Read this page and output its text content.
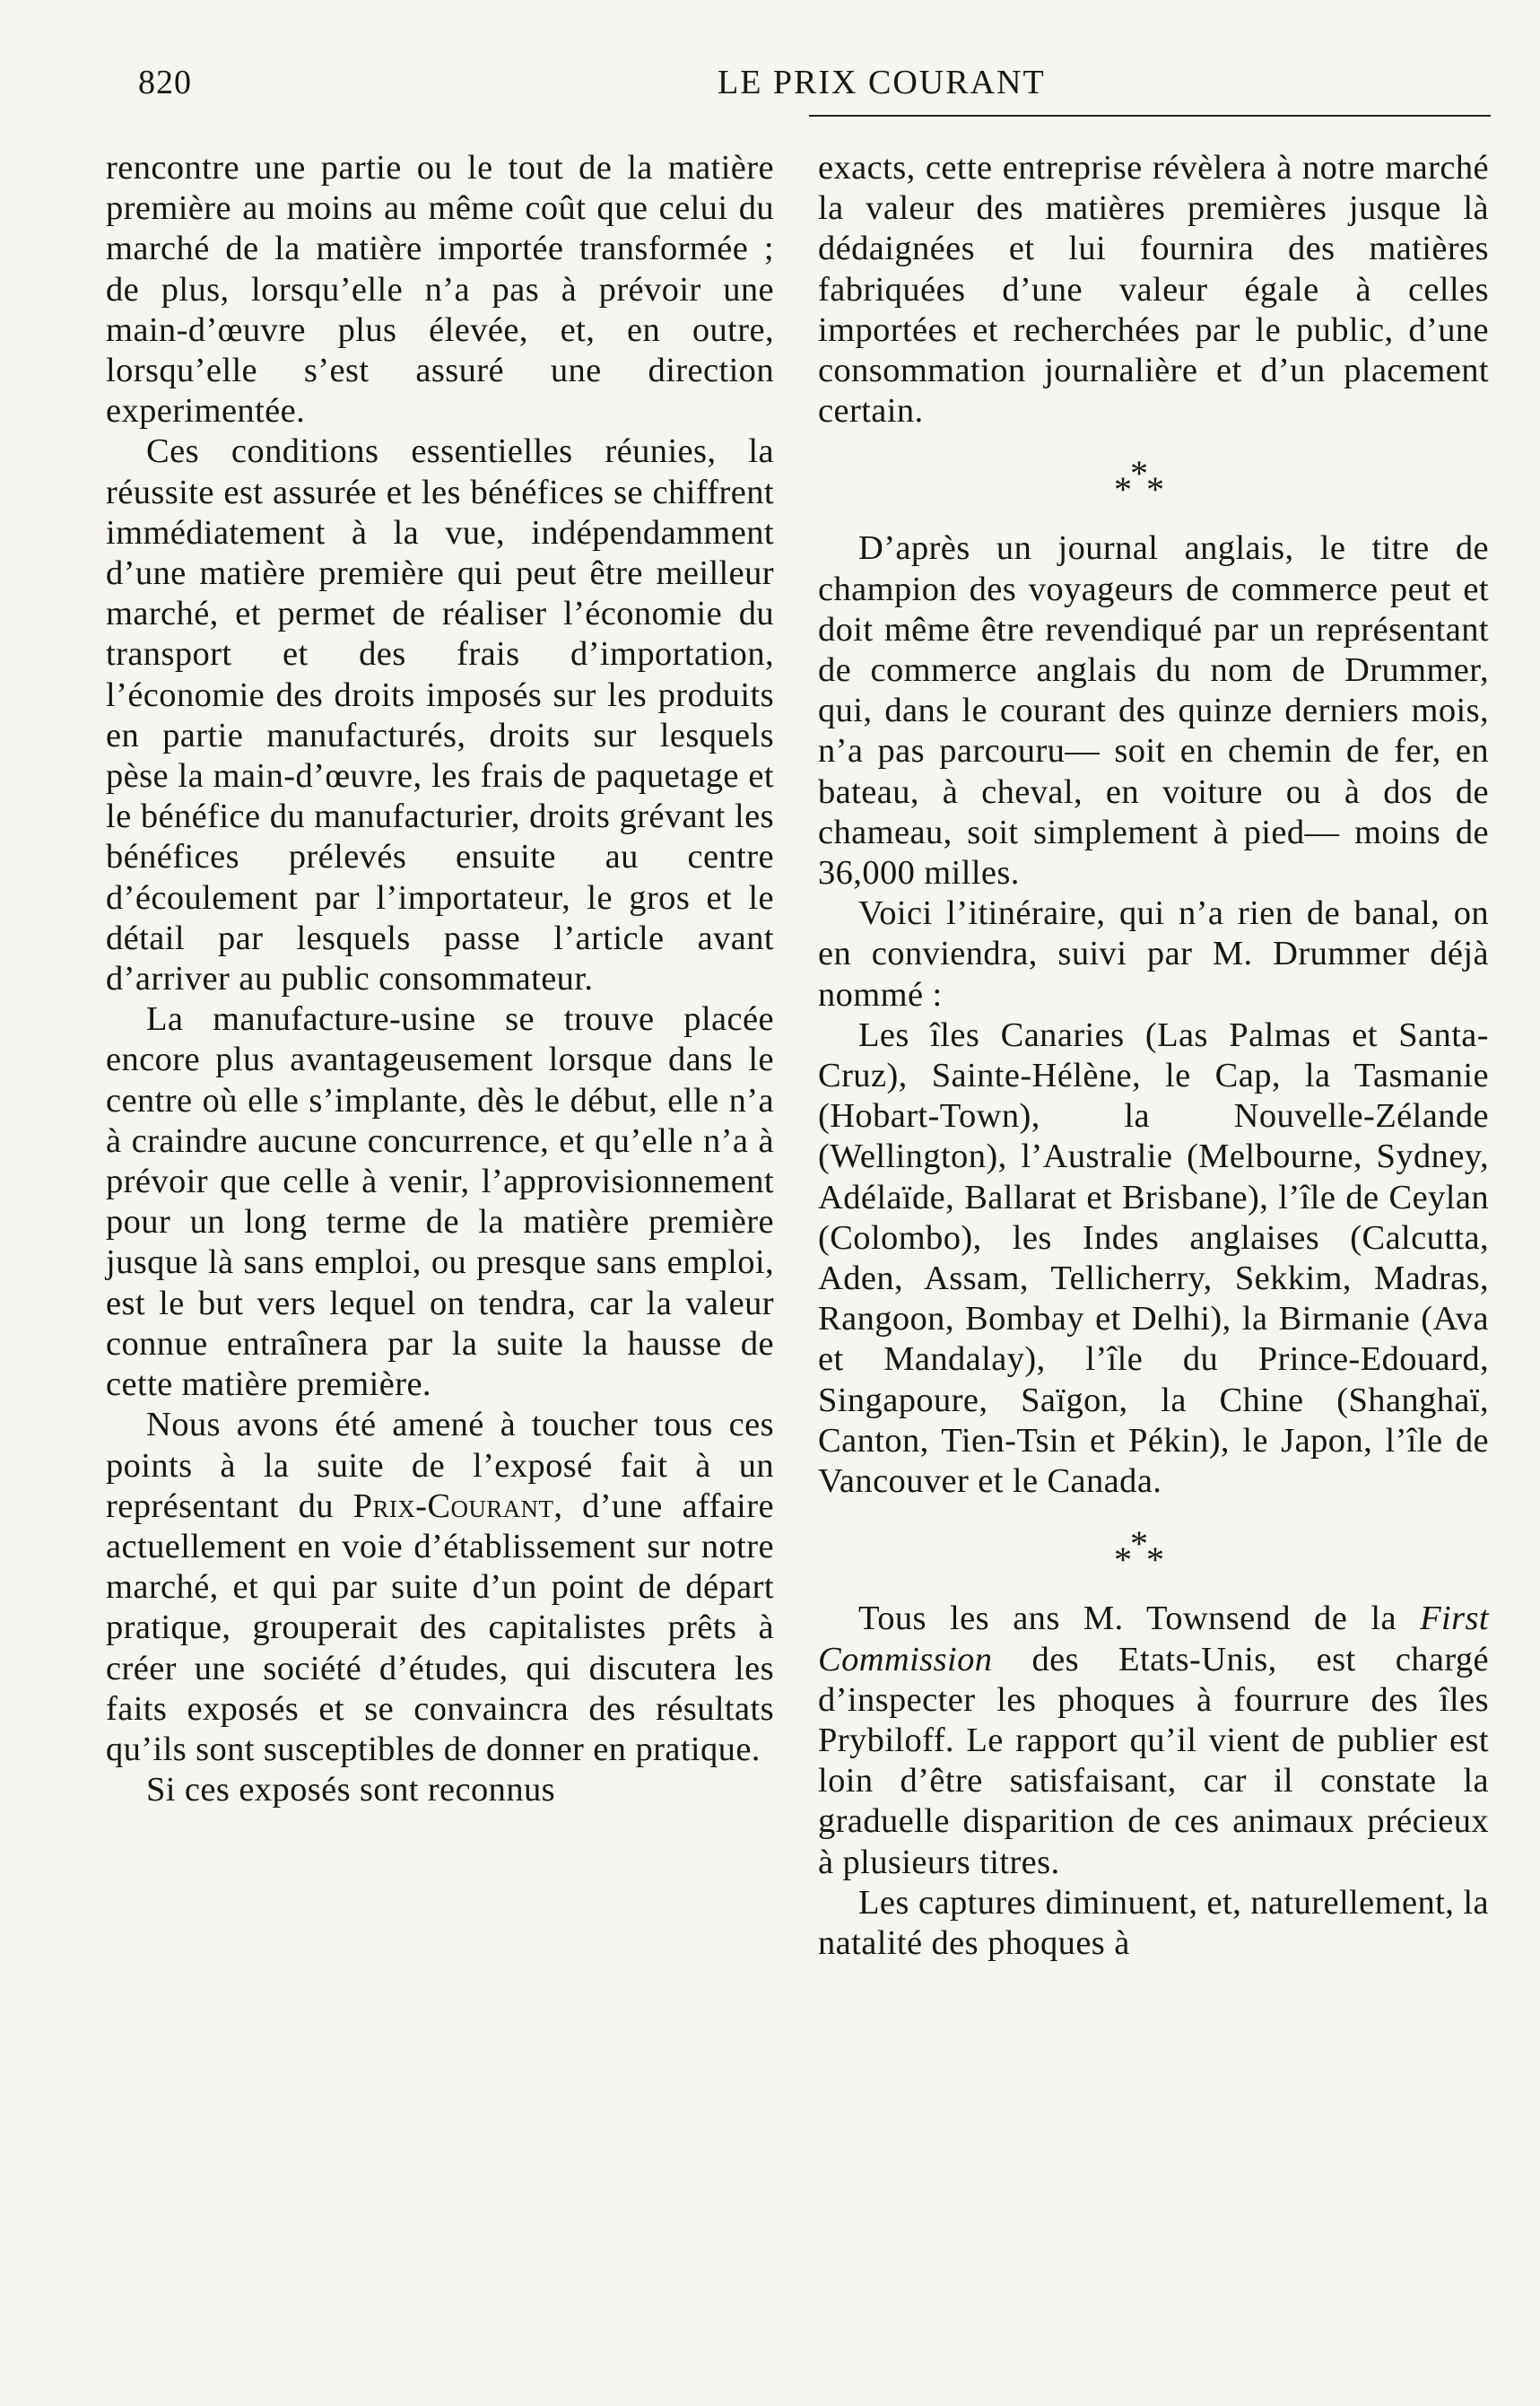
820	LE PRIX COURANT

rencontre une partie ou le tout de la matière première au moins au même coût que celui du marché de la matière importée transformée ; de plus, lorsqu’elle n’a pas à prévoir une main-d’œuvre plus élevée, et, en outre, lorsqu’elle s’est assuré une direction experimentée.

Ces conditions essentielles réunies, la réussite est assurée et les bénéfices se chiffrent immédiatement à la vue, indépendamment d’une matière première qui peut être meilleur marché, et permet de réaliser l’économie du transport et des frais d’importation, l’économie des droits imposés sur les produits en partie manufacturés, droits sur lesquels pèse la main-d’œuvre, les frais de paquetage et le bénéfice du manufacturier, droits grévant les bénéfices prélevés ensuite au centre d’écoulement par l’importateur, le gros et le détail par lesquels passe l’article avant d’arriver au public consommateur.

La manufacture-usine se trouve placée encore plus avantageusement lorsque dans le centre où elle s’implante, dès le début, elle n’a à craindre aucune concurrence, et qu’elle n’a à prévoir que celle à venir, l’approvisionnement pour un long terme de la matière première jusque là sans emploi, ou presque sans emploi, est le but vers lequel on tendra, car la valeur connue entraînera par la suite la hausse de cette matière première.

Nous avons été amené à toucher tous ces points à la suite de l’exposé fait à un représentant du Prix-Courant, d’une affaire actuellement en voie d’établissement sur notre marché, et qui par suite d’un point de départ pratique, grouperait des capitalistes prêts à créer une société d’études, qui discutera les faits exposés et se convaincra des résultats qu’ils sont susceptibles de donner en pratique.

Si ces exposés sont reconnus

exacts, cette entreprise révèlera à notre marché la valeur des matières premières jusque là dédaignées et lui fournira des matières fabriquées d’une valeur égale à celles importées et recherchées par le public, d’une consommation journalière et d’un placement certain.

*
* *

D’après un journal anglais, le titre de champion des voyageurs de commerce peut et doit même être revendiqué par un représentant de commerce anglais du nom de Drummer, qui, dans le courant des quinze derniers mois, n’a pas parcouru— soit en chemin de fer, en bateau, à cheval, en voiture ou à dos de chameau, soit simplement à pied— moins de 36,000 milles.

Voici l’itinéraire, qui n’a rien de banal, on en conviendra, suivi par M. Drummer déjà nommé :

Les îles Canaries (Las Palmas et Santa-Cruz), Sainte-Hélène, le Cap, la Tasmanie (Hobart-Town), la Nouvelle-Zélande (Wellington), l’Australie (Melbourne, Sydney, Adélaïde, Ballarat et Brisbane), l’île de Ceylan (Colombo), les Indes anglaises (Calcutta, Aden, Assam, Tellicherry, Sekkim, Madras, Rangoon, Bombay et Delhi), la Birmanie (Ava et Mandalay), l’île du Prince-Edouard, Singapoure, Saïgon, la Chine (Shanghaï, Canton, Tien-Tsin et Pékin), le Japon, l’île de Vancouver et le Canada.

*
* *

Tous les ans M. Townsend de la First Commission des Etats-Unis, est chargé d’inspecter les phoques à fourrure des îles Prybiloff. Le rapport qu’il vient de publier est loin d’être satisfaisant, car il constate la graduelle disparition de ces animaux précieux à plusieurs titres.

Les captures diminuent, et, naturellement, la natalité des phoques à
